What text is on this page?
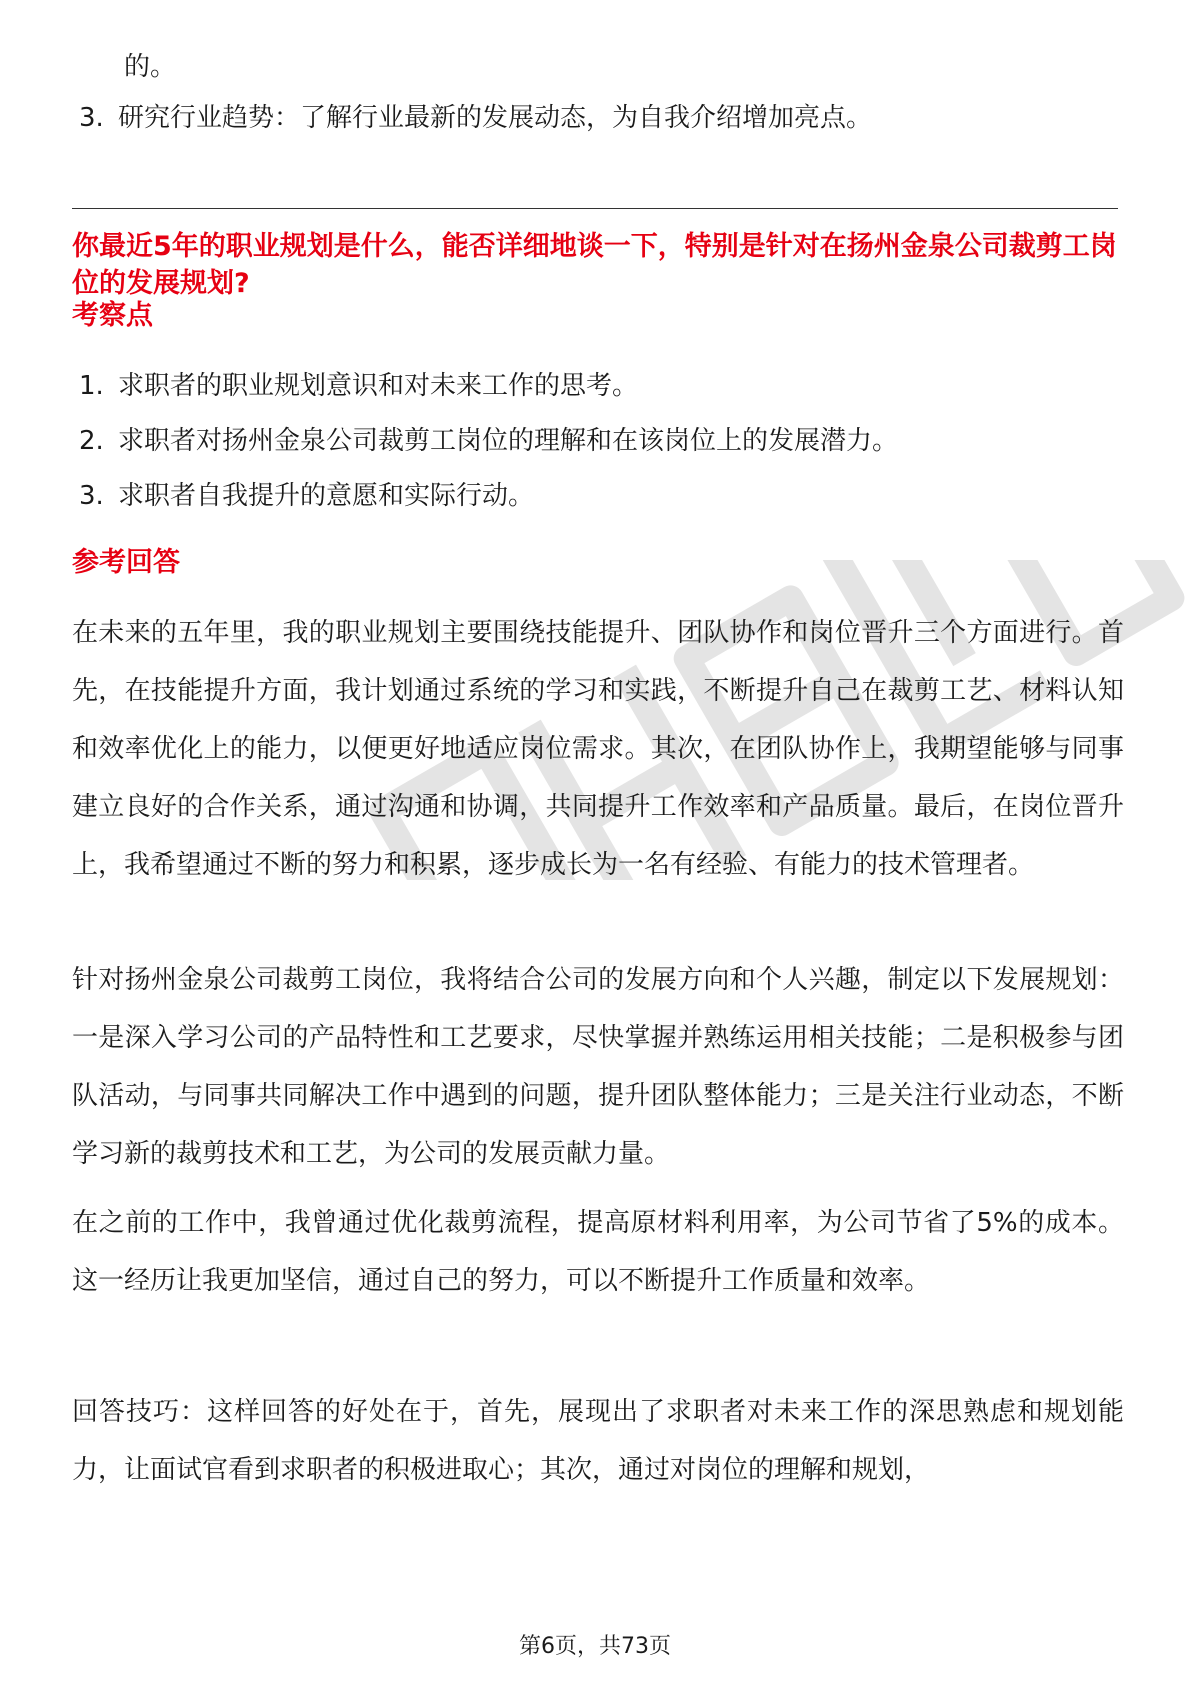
的。
3. 研究行业趋势：了解行业最新的发展动态，为自我介绍增加亮点。
你最近5年的职业规划是什么，能否详细地谈一下，特别是针对在扬州金泉公司裁剪工岗位的发展规划?
考察点
1. 求职者的职业规划意识和对未来工作的思考。
2. 求职者对扬州金泉公司裁剪工岗位的理解和在该岗位上的发展潜力。
3. 求职者自我提升的意愿和实际行动。
参考回答
在未来的五年里，我的职业规划主要围绕技能提升、团队协作和岗位晋升三个方面进行。首先，在技能提升方面，我计划通过系统的学习和实践，不断提升自己在裁剪工艺、材料认知和效率优化上的能力，以便更好地适应岗位需求。其次，在团队协作上，我期望能够与同事建立良好的合作关系，通过沟通和协调，共同提升工作效率和产品质量。最后，在岗位晋升上，我希望通过不断的努力和积累，逐步成长为一名有经验、有能力的技术管理者。
针对扬州金泉公司裁剪工岗位，我将结合公司的发展方向和个人兴趣，制定以下发展规划：一是深入学习公司的产品特性和工艺要求，尽快掌握并熟练运用相关技能；二是积极参与团队活动，与同事共同解决工作中遇到的问题，提升团队整体能力；三是关注行业动态，不断学习新的裁剪技术和工艺，为公司的发展贡献力量。
在之前的工作中，我曾通过优化裁剪流程，提高原材料利用率，为公司节省了5%的成本。这一经历让我更加坚信，通过自己的努力，可以不断提升工作质量和效率。
回答技巧：这样回答的好处在于，首先，展现出了求职者对未来工作的深思熟虑和规划能力，让面试官看到求职者的积极进取心；其次，通过对岗位的理解和规划，
第6页，共73页
